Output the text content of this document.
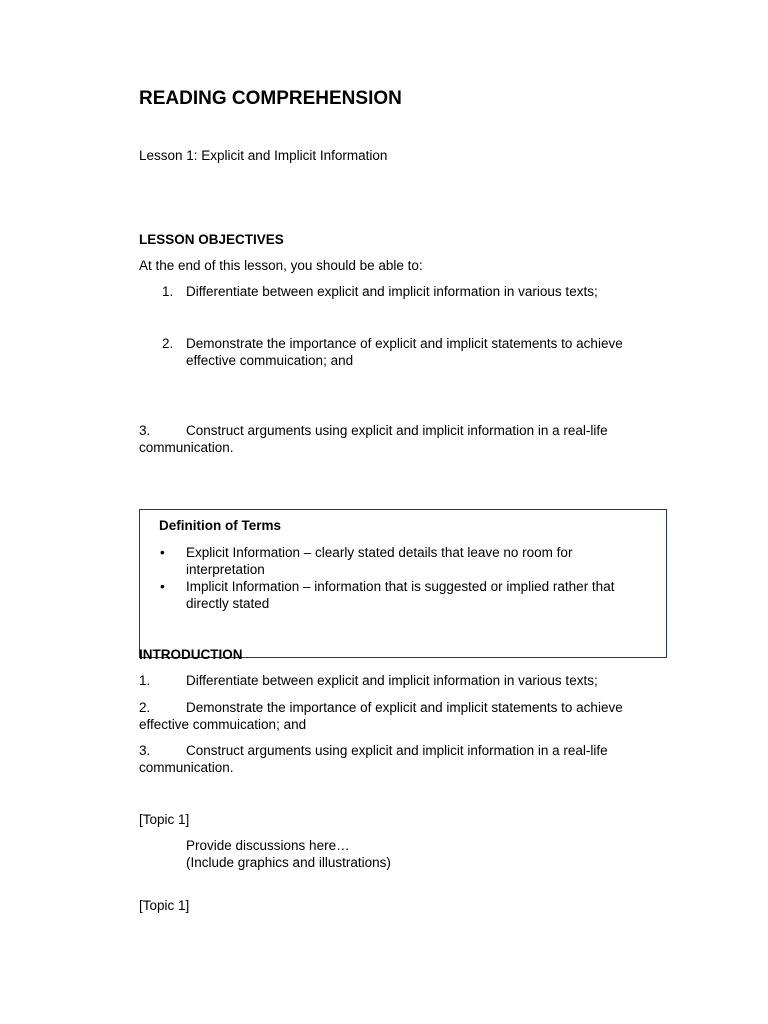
READING COMPREHENSION
Lesson 1: Explicit and Implicit Information
LESSON OBJECTIVES
At the end of this lesson, you should be able to:
1. Differentiate between explicit and implicit information in various texts;
2. Demonstrate the importance of explicit and implicit statements to achieve effective commuication; and
3.	Construct arguments using explicit and implicit information in a real-life communication.
Definition of Terms
• Explicit Information – clearly stated details that leave no room for interpretation
• Implicit Information – information that is suggested or implied rather that directly stated
INTRODUCTION
1.	Differentiate between explicit and implicit information in various texts;
2.	Demonstrate the importance of explicit and implicit statements to achieve effective commuication; and
3.	Construct arguments using explicit and implicit information in a real-life communication.
[Topic 1]
Provide discussions here…
(Include graphics and illustrations)
[Topic 1]
